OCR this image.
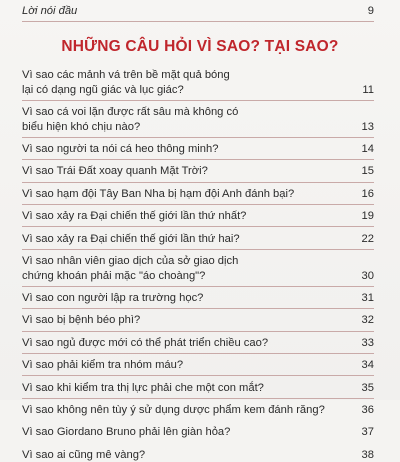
Lời nói đầu	9
NHỮNG CÂU HỎI VÌ SAO? TẠI SAO?
Vì sao các mảnh vá trên bề mặt quả bóng
lại có dạng ngũ giác và lục giác?	11
Vì sao cá voi lặn được rất sâu mà không có
biểu hiện khó chịu nào?	13
Vì sao người ta nói cá heo thông minh?	14
Vì sao Trái Đất xoay quanh Mặt Trời?	15
Vì sao hạm đội Tây Ban Nha bị hạm đội Anh đánh bại?	16
Vì sao xảy ra Đại chiến thế giới lần thứ nhất?	19
Vì sao xảy ra Đại chiến thế giới lần thứ hai?	22
Vì sao nhân viên giao dịch của sở giao dịch
chứng khoán phải mặc "áo choàng"?	30
Vì sao con người lập ra trường học?	31
Vì sao bị bệnh béo phì?	32
Vì sao ngủ được mới có thể phát triển chiều cao?	33
Vì sao phải kiểm tra nhóm máu?	34
Vì sao khi kiểm tra thị lực phải che một con mắt?	35
Vì sao không nên tùy ý sử dụng dược phẩm kem đánh răng?	36
Vì sao Giordano Bruno phải lên giàn hỏa?	37
Vì sao ai cũng mê vàng?	38
